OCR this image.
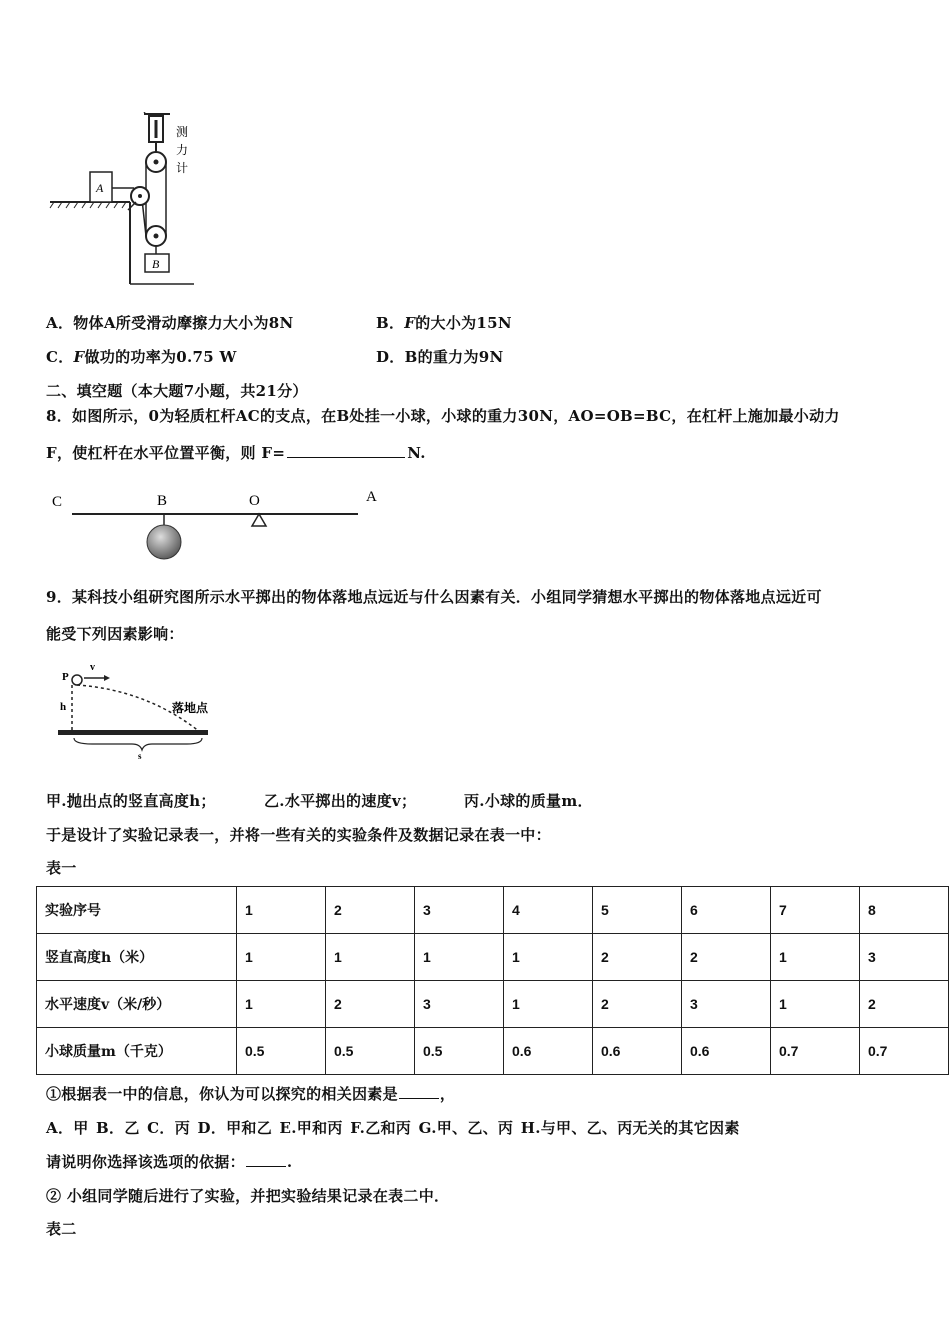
测
力
计
B
A
A．物体A所受滑动摩擦力大小为8N	B．F的大小为15N
C．F做功的功率为0.75 W	D．B的重力为9N
二、填空题（本大题7小题，共21分）
8．如图所示，0为轻质杠杆AC的支点，在B处挂一小球，小球的重力30N，AO=OB=BC，在杠杆上施加最小动力
F，使杠杆在水平位置平衡，则 F=	N.
C	B	O	A
9．某科技小组研究图所示水平掷出的物体落地点远近与什么因素有关．小组同学猜想水平掷出的物体落地点远近可
能受下列因素影响：
P
v
h	落地点
s
甲.抛出点的竖直高度h；	乙.水平掷出的速度v；	丙.小球的质量m．
于是设计了实验记录表一，并将一些有关的实验条件及数据记录在表一中：
表一
实验序号	1	2	3	4	5	6	7	8
竖直高度h（米）	1	1	1	1	2	2	1	3
水平速度v（米/秒）	1	2	3	1	2	3	1	2
小球质量m（千克）	0.5	0.5	0.5	0.6	0.6	0.6	0.7	0.7
①根据表一中的信息，你认为可以探究的相关因素是	，
A．甲 B．乙 C．丙 D．甲和乙 E.甲和丙 F.乙和丙 G.甲、乙、丙 H.与甲、乙、丙无关的其它因素
请说明你选择该选项的依据：	.
② 小组同学随后进行了实验，并把实验结果记录在表二中．
表二
